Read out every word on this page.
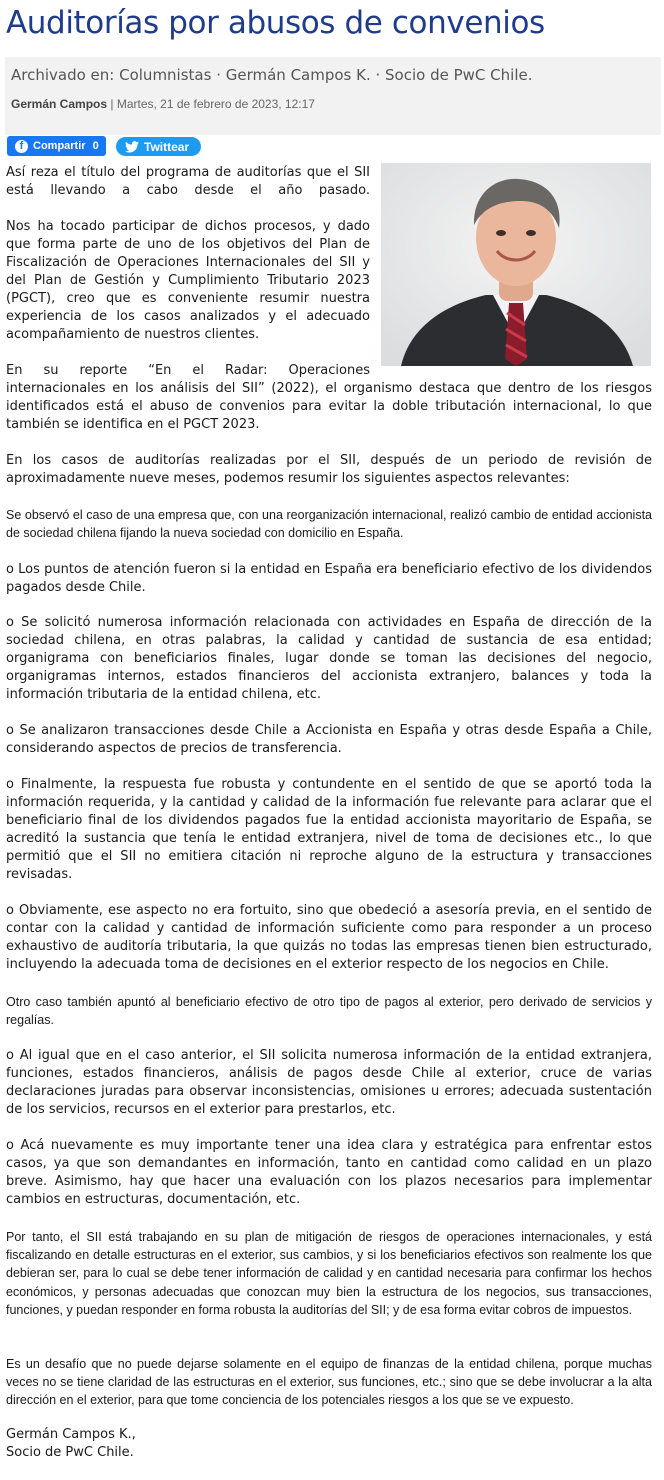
Auditorías por abusos de convenios
Archivado en: Columnistas · Germán Campos K. · Socio de PwC Chile.
Germán Campos | Martes, 21 de febrero de 2023, 12:17
f Compartir 0	Twittear

Así reza el título del programa de auditorías que el SII está llevando a cabo desde el año pasado.

Nos ha tocado participar de dichos procesos, y dado que forma parte de uno de los objetivos del Plan de Fiscalización de Operaciones Internacionales del SII y del Plan de Gestión y Cumplimiento Tributario 2023 (PGCT), creo que es conveniente resumir nuestra experiencia de los casos analizados y el adecuado acompañamiento de nuestros clientes.

En su reporte “En el Radar: Operaciones

internacionales en los análisis del SII” (2022), el organismo destaca que dentro de los riesgos identificados está el abuso de convenios para evitar la doble tributación internacional, lo que también se identifica en el PGCT 2023.

En los casos de auditorías realizadas por el SII, después de un periodo de revisión de aproximadamente nueve meses, podemos resumir los siguientes aspectos relevantes:

Se observó el caso de una empresa que, con una reorganización internacional, realizó cambio de entidad accionista de sociedad chilena fijando la nueva sociedad con domicilio en España.

o Los puntos de atención fueron si la entidad en España era beneficiario efectivo de los dividendos pagados desde Chile.

o Se solicitó numerosa información relacionada con actividades en España de dirección de la sociedad chilena, en otras palabras, la calidad y cantidad de sustancia de esa entidad; organigrama con beneficiarios finales, lugar donde se toman las decisiones del negocio, organigramas internos, estados financieros del accionista extranjero, balances y toda la información tributaria de la entidad chilena, etc.

o Se analizaron transacciones desde Chile a Accionista en España y otras desde España a Chile, considerando aspectos de precios de transferencia.

o Finalmente, la respuesta fue robusta y contundente en el sentido de que se aportó toda la información requerida, y la cantidad y calidad de la información fue relevante para aclarar que el beneficiario final de los dividendos pagados fue la entidad accionista mayoritario de España, se acreditó la sustancia que tenía le entidad extranjera, nivel de toma de decisiones etc., lo que permitió que el SII no emitiera citación ni reproche alguno de la estructura y transacciones revisadas.

o Obviamente, ese aspecto no era fortuito, sino que obedeció a asesoría previa, en el sentido de contar con la calidad y cantidad de información suficiente como para responder a un proceso exhaustivo de auditoría tributaria, la que quizás no todas las empresas tienen bien estructurado, incluyendo la adecuada toma de decisiones en el exterior respecto de los negocios en Chile.

Otro caso también apuntó al beneficiario efectivo de otro tipo de pagos al exterior, pero derivado de servicios y regalías.

o Al igual que en el caso anterior, el SII solicita numerosa información de la entidad extranjera, funciones, estados financieros, análisis de pagos desde Chile al exterior, cruce de varias declaraciones juradas para observar inconsistencias, omisiones u errores; adecuada sustentación de los servicios, recursos en el exterior para prestarlos, etc.

o Acá nuevamente es muy importante tener una idea clara y estratégica para enfrentar estos casos, ya que son demandantes en información, tanto en cantidad como calidad en un plazo breve. Asimismo, hay que hacer una evaluación con los plazos necesarios para implementar cambios en estructuras, documentación, etc.

Por tanto, el SII está trabajando en su plan de mitigación de riesgos de operaciones internacionales, y está fiscalizando en detalle estructuras en el exterior, sus cambios, y si los beneficiarios efectivos son realmente los que debieran ser, para lo cual se debe tener información de calidad y en cantidad necesaria para confirmar los hechos económicos, y personas adecuadas que conozcan muy bien la estructura de los negocios, sus transacciones, funciones, y puedan responder en forma robusta la auditorías del SII; y de esa forma evitar cobros de impuestos.

Es un desafío que no puede dejarse solamente en el equipo de finanzas de la entidad chilena, porque muchas veces no se tiene claridad de las estructuras en el exterior, sus funciones, etc.; sino que se debe involucrar a la alta dirección en el exterior, para que tome conciencia de los potenciales riesgos a los que se ve expuesto.

Germán Campos K.,

Socio de PwC Chile.
